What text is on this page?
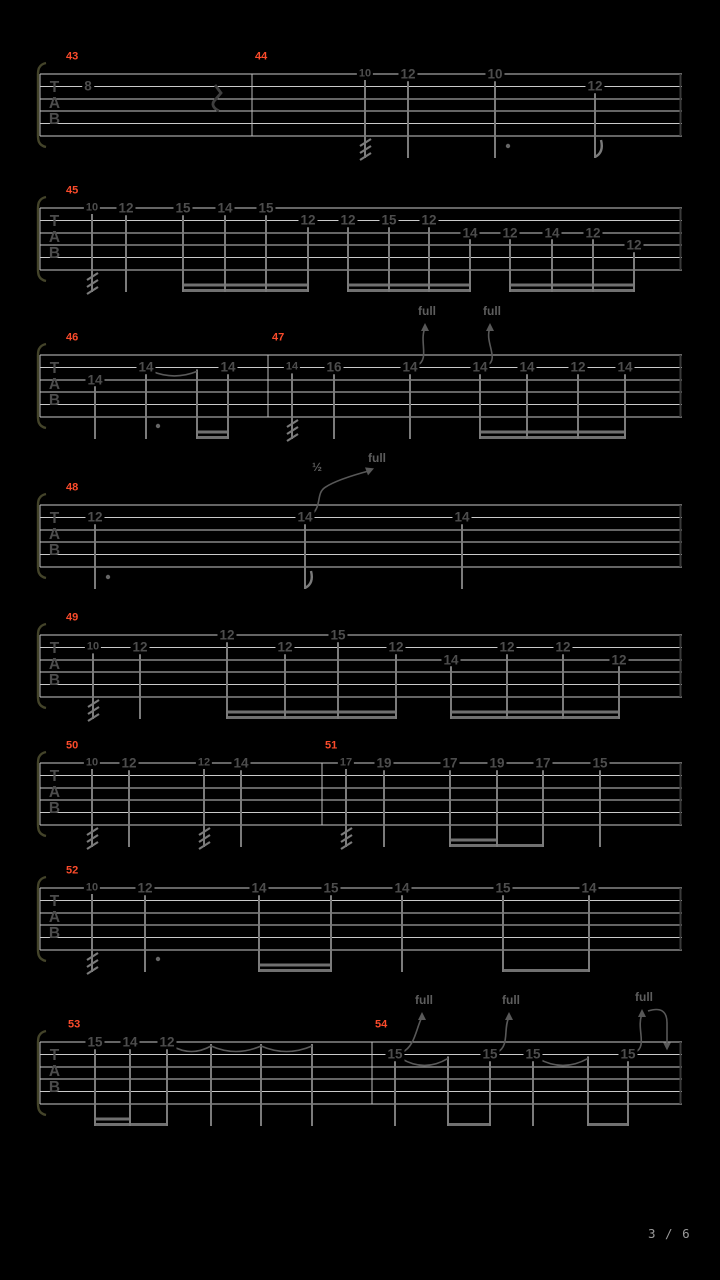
3 / 6
T
A
B
43	44
8
10 12	10
12
T
A
B
45
10 12	15 14 15
12 12 15 12
14 12 14 12
12
T
A
B
46	47
14
14	14	14 16	14	14 14	12 14
full	full
T
A
B
48
12	14	14
½
full
T
A
B
49
10 12
12
12
15
12
14
12	12
12
T
A
B
50	51
10 12	12 14	17 19	17 19 17	15
T
A
B
52
10	12	14	15	14	15	14
T
A
B
53	54
15 14 12
15	15 15	15
full	full	full
